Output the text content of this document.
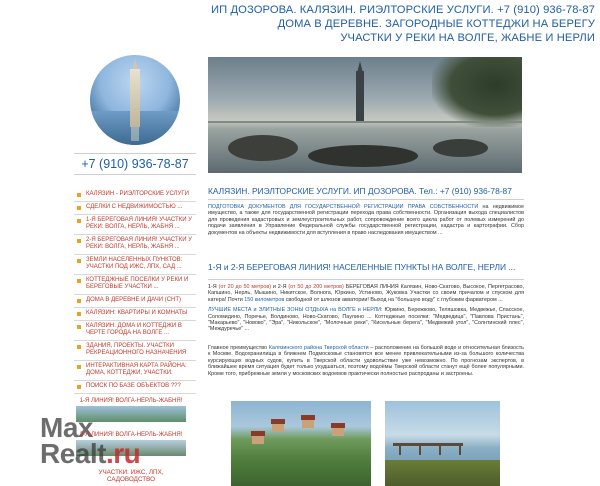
ИП ДОЗОРОВА. КАЛЯЗИН. РИЭЛТОРСКИЕ УСЛУГИ. +7 (910) 936-78-87
ДОМА В ДЕРЕВНЕ. ЗАГОРОДНЫЕ КОТТЕДЖИ НА БЕРЕГУ
УЧАСТКИ У РЕКИ НА ВОЛГЕ, ЖАБНЕ И НЕРЛИ
+7 (910) 936-78-87
КАЛЯЗИН - РИЭЛТОРСКИЕ УСЛУГИ
СДЕЛКИ С НЕДВИЖИМОСТЬЮ ...
1-Я БЕРЕГОВАЯ ЛИНИЯ! УЧАСТКИ У РЕКИ: ВОЛГА, НЕРЛЬ, ЖАБНЯ ...
2-Я БЕРЕГОВАЯ ЛИНИЯ! УЧАСТКИ У РЕКИ: ВОЛГА, НЕРЛЬ, ЖАБНЯ ...
ЗЕМЛИ НАСЕЛЕННЫХ ПУНКТОВ: УЧАСТКИ ПОД ИЖС, ЛПХ, САД ...
КОТТЕДЖНЫЕ ПОСЕЛКИ У РЕКИ И БЕРЕГОВЫЕ УЧАСТКИ ...
ДОМА В ДЕРЕВНЕ И ДАЧИ (СНТ)
КАЛЯЗИН: КВАРТИРЫ И КОМНАТЫ
КАЛЯЗИН: ДОМА И КОТТЕДЖИ В ЧЕРТЕ ГОРОДА НА ВОЛГЕ ...
ЗДАНИЯ, ПРОЕКТЫ. УЧАСТКИ РЕКРЕАЦИОННОГО НАЗНАЧЕНИЯ
ИНТЕРАКТИВНАЯ КАРТА РАЙОНА: ДОМА, КОТТЕДЖИ, УЧАСТКИ.
ПОИСК ПО БАЗЕ ОБЪЕКТОВ ???
1-Я ЛИНИЯ! ВОЛГА-НЕРЛЬ-ЖАБНЯ!
2-Я ЛИНИЯ! ВОЛГА-НЕРЛЬ-ЖАБНЯ!
УЧАСТКИ: ИЖС, ЛПХ, САДОВОДСТВО
КАЛЯЗИН. РИЭЛТОРСКИЕ УСЛУГИ. ИП ДОЗОРОВА. Тел.: +7 (910) 936-78-87

ПОДГОТОВКА ДОКУМЕНТОВ ДЛЯ ГОСУДАРСТВЕННОЙ РЕГИСТРАЦИИ ПРАВА СОБСТВЕННОСТИ на недвижимое имущество, а также для государственной регистрации перехода права собственности. Организация выхода специалистов для проведения кадастровых и землеустроительных работ, сопровождение всего цикла работ от полевых измерений до подачи заявления в Управление Федеральной службы государственной регистрации, кадастра и картографии. Сбор документов на объекты недвижимости для вступления в право наследования имуществом ...

1-Я и 2-Я БЕРЕГОВАЯ ЛИНИЯ! НАСЕЛЕННЫЕ ПУНКТЫ НА ВОЛГЕ, НЕРЛИ ...

1-Я (от 20 до 50 метров) и 2-Я (от 50 до 200 метров) БЕРЕГОВАЯ ЛИНИЯ Калязин, Ново-Скатово, Высокое, Пергетрасово, Капшино, Нерль, Мышино, Никитское, Волнога, Юркино, Устиново, Жуковка Участки со своим причалом и спуском для катера! Почти 150 километров свободной от шлюзов акватории! Выход на "большую воду" с глубоким фарватером ...

ЛУЧШИЕ МЕСТА и ЭЛИТНЫЕ ЗОНЫ ОТДЫХА на ВОЛГЕ и НЕРЛИ: Юркино, Бережково, Теляшовка, Медвежье, Спасское, Соломидино, Поречье, Волдиново, Ново-Скатово, Паулино ... Коттеджные поселки: "Медведица", "Павлова Пристань", "Макарьево", "Новово", "Эра", "Никольское", "Молочные реки", "Кисельные берега", "Медвежий угол", "Солнтинский плес", "Междуречье" ...

Главное преимущество Калязинского района Тверской области – расположение на большой воде и относительная близость к Москве. Водохранилища в ближнем Подмосковье становятся все менее привлекательными из-за большого количества курсирующих водных судов, купить в Тверской области удовольствие уже невозможно. По прогнозам экспертов, в ближайшее время ситуация будет только ухудшаться, поэтому водоёмы Тверской области станут ещё более популярными. Кроме того, прибрежные земли у московских водоемов практически полностью распроданы и застроены.

Max
Realt.ru
